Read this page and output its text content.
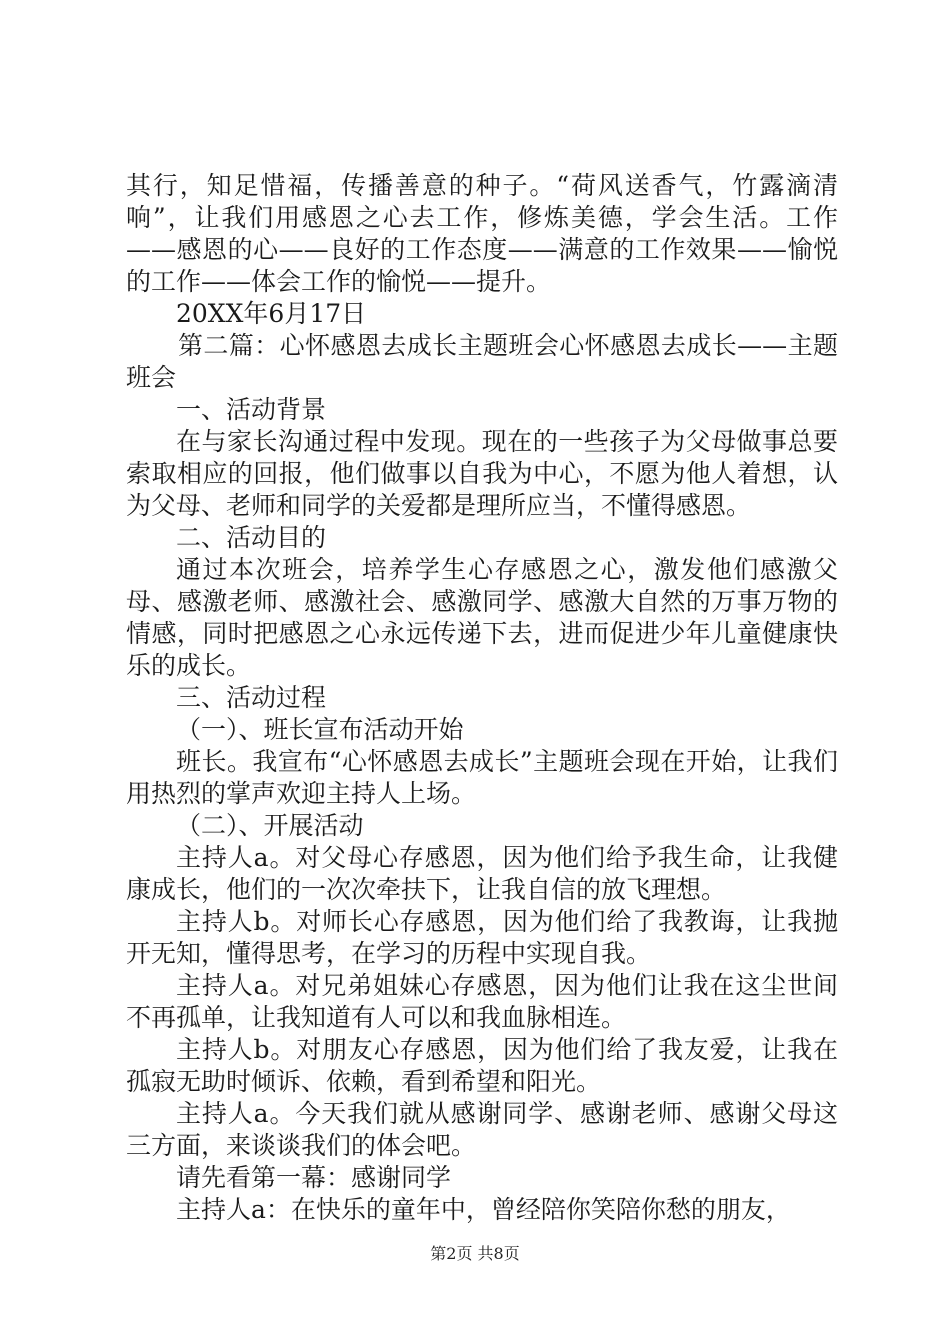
其行，知足惜福，传播善意的种子。“荷风送香气，竹露滴清响”，让我们用感恩之心去工作，修炼美德，学会生活。工作——感恩的心——良好的工作态度——满意的工作效果——愉悦的工作——体会工作的愉悦——提升。

20XX年6月17日

第二篇：心怀感恩去成长主题班会心怀感恩去成长——主题班会

一、活动背景

在与家长沟通过程中发现。现在的一些孩子为父母做事总要索取相应的回报，他们做事以自我为中心，不愿为他人着想，认为父母、老师和同学的关爱都是理所应当，不懂得感恩。

二、活动目的

通过本次班会，培养学生心存感恩之心，激发他们感激父母、感激老师、感激社会、感激同学、感激大自然的万事万物的情感，同时把感恩之心永远传递下去，进而促进少年儿童健康快乐的成长。

三、活动过程

（一）、班长宣布活动开始

班长。我宣布“心怀感恩去成长”主题班会现在开始，让我们用热烈的掌声欢迎主持人上场。

（二）、开展活动

主持人a。对父母心存感恩，因为他们给予我生命，让我健康成长，他们的一次次牵扶下，让我自信的放飞理想。

主持人b。对师长心存感恩，因为他们给了我教诲，让我抛开无知，懂得思考，在学习的历程中实现自我。

主持人a。对兄弟姐妹心存感恩，因为他们让我在这尘世间不再孤单，让我知道有人可以和我血脉相连。

主持人b。对朋友心存感恩，因为他们给了我友爱，让我在孤寂无助时倾诉、依赖，看到希望和阳光。

主持人a。今天我们就从感谢同学、感谢老师、感谢父母这三方面，来谈谈我们的体会吧。

请先看第一幕：感谢同学

主持人a：在快乐的童年中，曾经陪你笑陪你愁的朋友，

第2页 共8页
